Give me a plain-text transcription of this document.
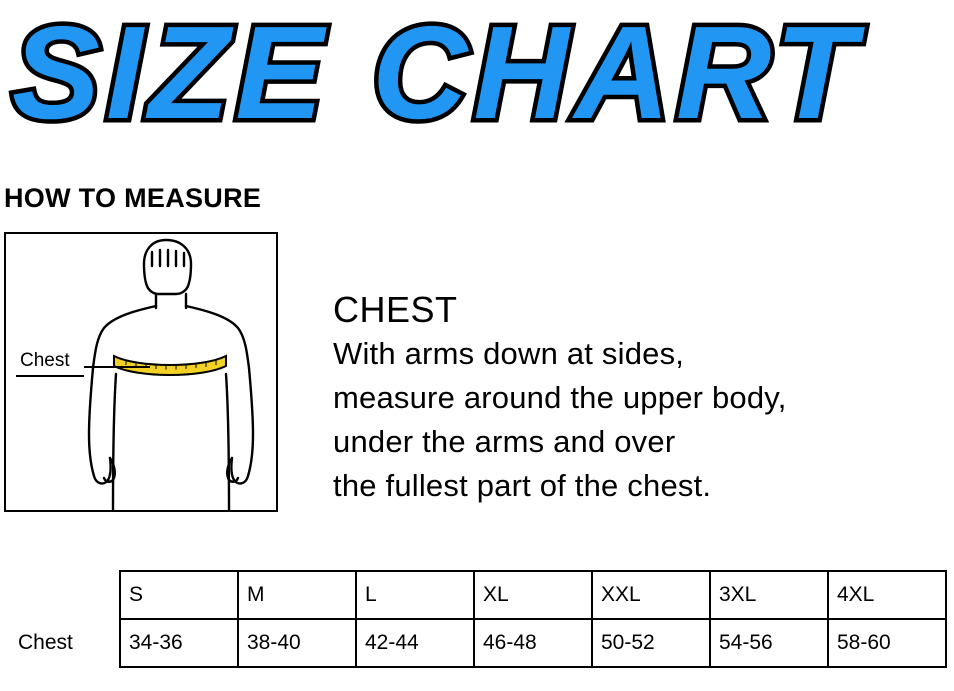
SIZE CHART
HOW TO MEASURE
Chest
CHEST
With arms down at sides,
measure around the upper body,
under the arms and over
the fullest part of the chest.
	S	M	L	XL	XXL	3XL	4XL
Chest	34-36	38-40	42-44	46-48	50-52	54-56	58-60
